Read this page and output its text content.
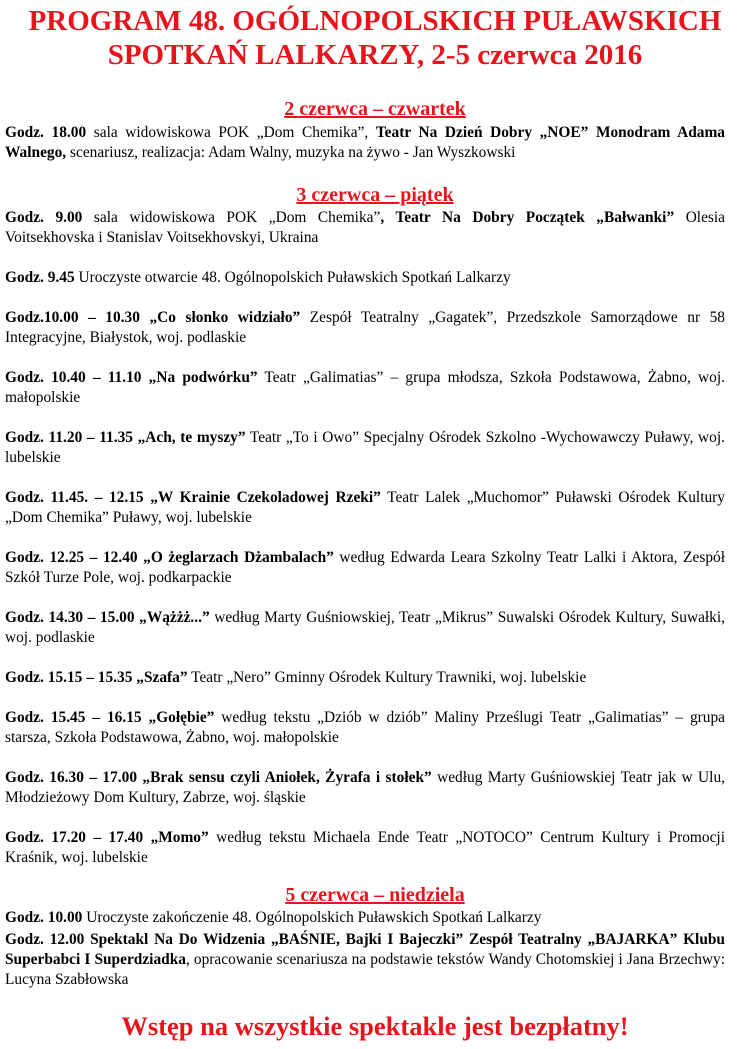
PROGRAM 48. OGÓLNOPOLSKICH PUŁAWSKICH
SPOTKAŃ LALKARZY, 2-5 czerwca 2016
2 czerwca – czwartek

Godz. 18.00 sala widowiskowa POK „Dom Chemika”, Teatr Na Dzień Dobry „NOE” Monodram Adama Walnego, scenariusz, realizacja: Adam Walny, muzyka na żywo - Jan Wyszkowski

3 czerwca – piątek

Godz. 9.00 sala widowiskowa POK „Dom Chemika”, Teatr Na Dobry Początek „Bałwanki” Olesia Voitsekhovska i Stanislav Voitsekhovskyi, Ukraina

Godz. 9.45 Uroczyste otwarcie 48. Ogólnopolskich Puławskich Spotkań Lalkarzy

Godz.10.00 – 10.30 „Co słonko widziało” Zespół Teatralny „Gagatek”, Przedszkole Samorządowe nr 58 Integracyjne, Białystok, woj. podlaskie

Godz. 10.40 – 11.10 „Na podwórku” Teatr „Galimatias” – grupa młodsza, Szkoła Podstawowa, Żabno, woj. małopolskie

Godz. 11.20 – 11.35 „Ach, te myszy” Teatr „To i Owo” Specjalny Ośrodek Szkolno -Wychowawczy Puławy, woj. lubelskie

Godz. 11.45. – 12.15 „W Krainie Czekoladowej Rzeki” Teatr Lalek „Muchomor” Puławski Ośrodek Kultury „Dom Chemika” Puławy, woj. lubelskie

Godz. 12.25 – 12.40 „O żeglarzach Dżambalach” według Edwarda Leara Szkolny Teatr Lalki i Aktora, Zespół Szkół Turze Pole, woj. podkarpackie

Godz. 14.30 – 15.00 „Wążżż...” według Marty Guśniowskiej, Teatr „Mikrus” Suwalski Ośrodek Kultury, Suwałki, woj. podlaskie

Godz. 15.15 – 15.35 „Szafa” Teatr „Nero” Gminny Ośrodek Kultury Trawniki, woj. lubelskie

Godz. 15.45 – 16.15 „Gołębie” według tekstu „Dziób w dziób” Maliny Prześlugi Teatr „Galimatias” – grupa starsza, Szkoła Podstawowa, Żabno, woj. małopolskie

Godz. 16.30 – 17.00 „Brak sensu czyli Aniołek, Żyrafa i stołek” według Marty Guśniowskiej Teatr jak w Ulu, Młodzieżowy Dom Kultury, Zabrze, woj. śląskie

Godz. 17.20 – 17.40 „Momo” według tekstu Michaela Ende Teatr „NOTOCO” Centrum Kultury i Promocji Kraśnik, woj. lubelskie

5 czerwca – niedziela

Godz. 10.00 Uroczyste zakończenie 48. Ogólnopolskich Puławskich Spotkań Lalkarzy

Godz. 12.00 Spektakl Na Do Widzenia „BAŚNIE, Bajki I Bajeczki” Zespół Teatralny „BAJARKA” Klubu Superbabci I Superdziadka, opracowanie scenariusza na podstawie tekstów Wandy Chotomskiej i Jana Brzechwy: Lucyna Szabłowska

Wstęp na wszystkie spektakle jest bezpłatny!
